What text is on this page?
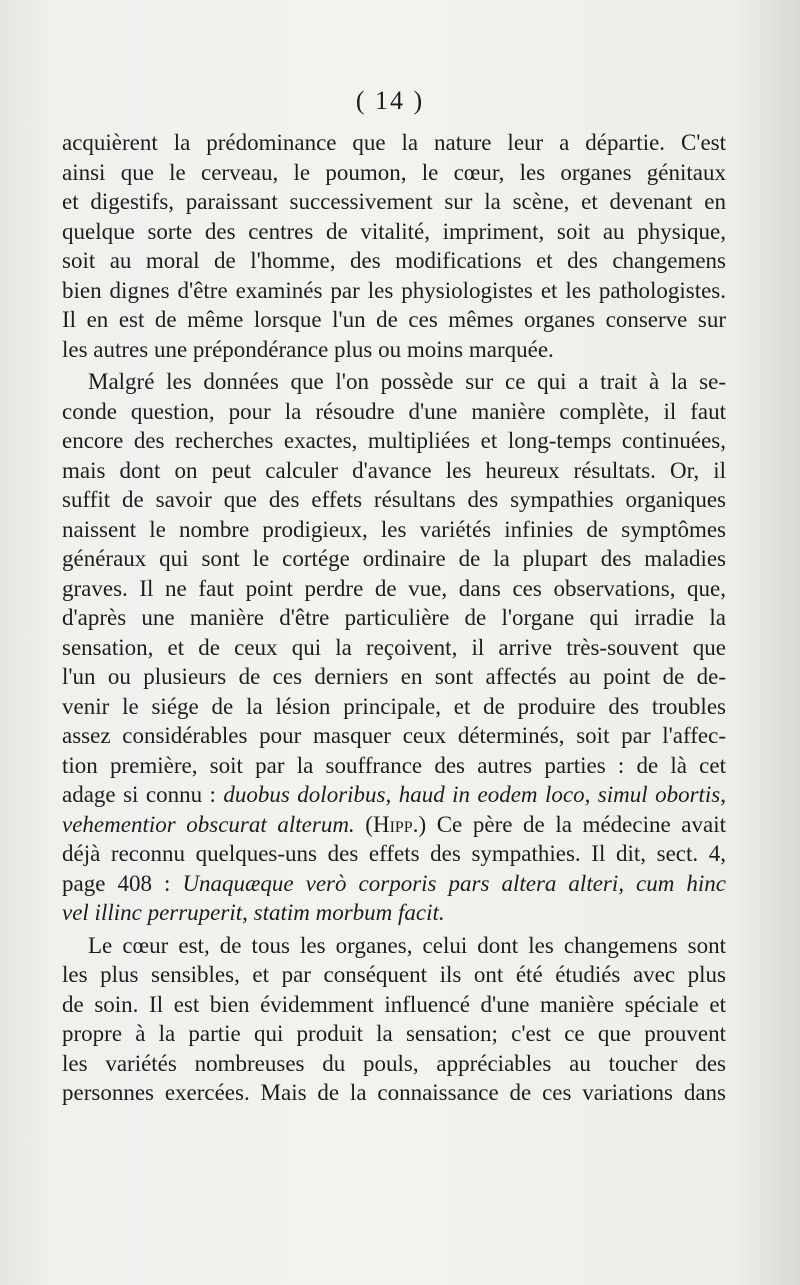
( 14 )
acquièrent la prédominance que la nature leur a départie. C'est
ainsi que le cerveau, le poumon, le cœur, les organes génitaux
et digestifs, paraissant successivement sur la scène, et devenant en
quelque sorte des centres de vitalité, impriment, soit au physique,
soit au moral de l'homme, des modifications et des changemens
bien dignes d'être examinés par les physiologistes et les pathologistes.
Il en est de même lorsque l'un de ces mêmes organes conserve sur
les autres une prépondérance plus ou moins marquée.
Malgré les données que l'on possède sur ce qui a trait à la se-
conde question, pour la résoudre d'une manière complète, il faut
encore des recherches exactes, multipliées et long-temps continuées,
mais dont on peut calculer d'avance les heureux résultats. Or, il
suffit de savoir que des effets résultans des sympathies organiques
naissent le nombre prodigieux, les variétés infinies de symptômes
généraux qui sont le cortége ordinaire de la plupart des maladies
graves. Il ne faut point perdre de vue, dans ces observations, que,
d'après une manière d'être particulière de l'organe qui irradie la
sensation, et de ceux qui la reçoivent, il arrive très-souvent que
l'un ou plusieurs de ces derniers en sont affectés au point de de-
venir le siége de la lésion principale, et de produire des troubles
assez considérables pour masquer ceux déterminés, soit par l'affec-
tion première, soit par la souffrance des autres parties : de là cet
adage si connu : duobus doloribus, haud in eodem loco, simul obortis,
vehementior obscurat alterum. (Hipp.) Ce père de la médecine avait
déjà reconnu quelques-uns des effets des sympathies. Il dit, sect. 4,
page 408 : Unaquæque verò corporis pars altera alteri, cum hinc
vel illinc perruperit, statim morbum facit.
Le cœur est, de tous les organes, celui dont les changemens sont
les plus sensibles, et par conséquent ils ont été étudiés avec plus
de soin. Il est bien évidemment influencé d'une manière spéciale et
propre à la partie qui produit la sensation; c'est ce que prouvent
les variétés nombreuses du pouls, appréciables au toucher des
personnes exercées. Mais de la connaissance de ces variations dans
